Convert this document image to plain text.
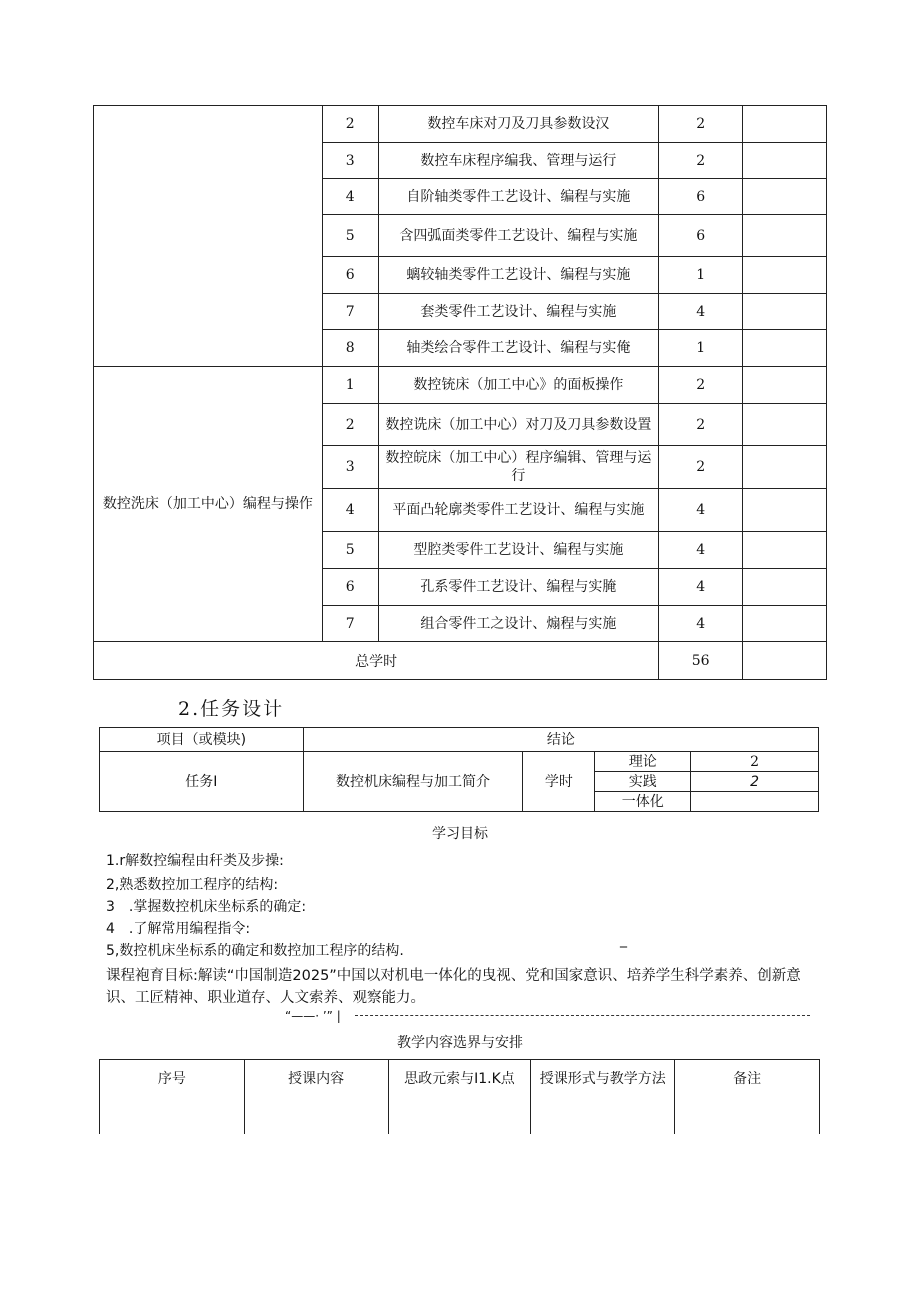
	2	数控车床对刀及刀具参数设汉	2	
	3	数控车床程序编我、管理与运行	2	
	4	自阶轴类零件工艺设计、编程与实施	6	
	5	含四弧面类零件工艺设计、编程与实施	6	
	6	螭较轴类零件工艺设计、编程与实施	1	
	7	套类零件工艺设计、编程与实施	4	
	8	轴类绘合零件工艺设计、编程与实俺	1	
数控洗床（加工中心）编程与操作	1	数控铳床（加工中心》的面板操作	2	
	2	数控诜床（加工中心）对刀及刀具参数设置	2	
	3	数控皖床（加工中心）程序编辑、管理与运行	2	
	4	平面凸轮廓类零件工艺设计、编程与实施	4	
	5	型腔类零件工艺设计、编程与实施	4	
	6	孔系零件工艺设计、编程与实腌	4	
	7	组合零件工之设计、煽程与实施	4	
总学时			56	
2.任务设计
项目（或模块)	结论			
任务I	数控机床编程与加工简介	学时	理论	2
			实践	2
			一体化	
学习目标
1.r解数控编程由秆类及步操:
2,熟悉数控加工程序的结构:
3　.掌握数控机床坐标系的确定:
4　.了解常用编程指令:
5,数控机床坐标系的确定和数控加工程序的结构.
_
课程袍育目标:解读“巾国制造2025”中国以对机电一体化的曳视、党和国家意识、培养学生科学素养、创新意识、工匠精神、职业道存、人文索养、观察能力。
“——· ’” |
教学内容选界与安排
序号	授课内容	思政元索与I1.K点	授课形式与教学方法	备注
